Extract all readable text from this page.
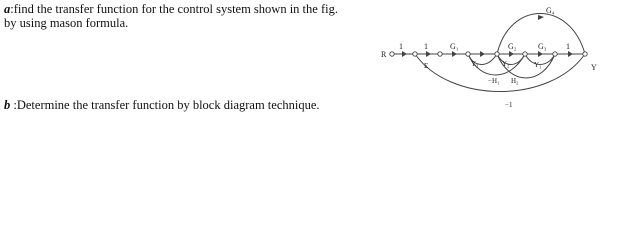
a:find the transfer function for the control system shown in the fig.
by using mason formula.
b :Determine the transfer function by block diagram technique.
R
Y
E
1	1	G₁	G₂	G₃ 1
G₄
Y₃	Y₂	Y₁
−H₁ H₂
−1
